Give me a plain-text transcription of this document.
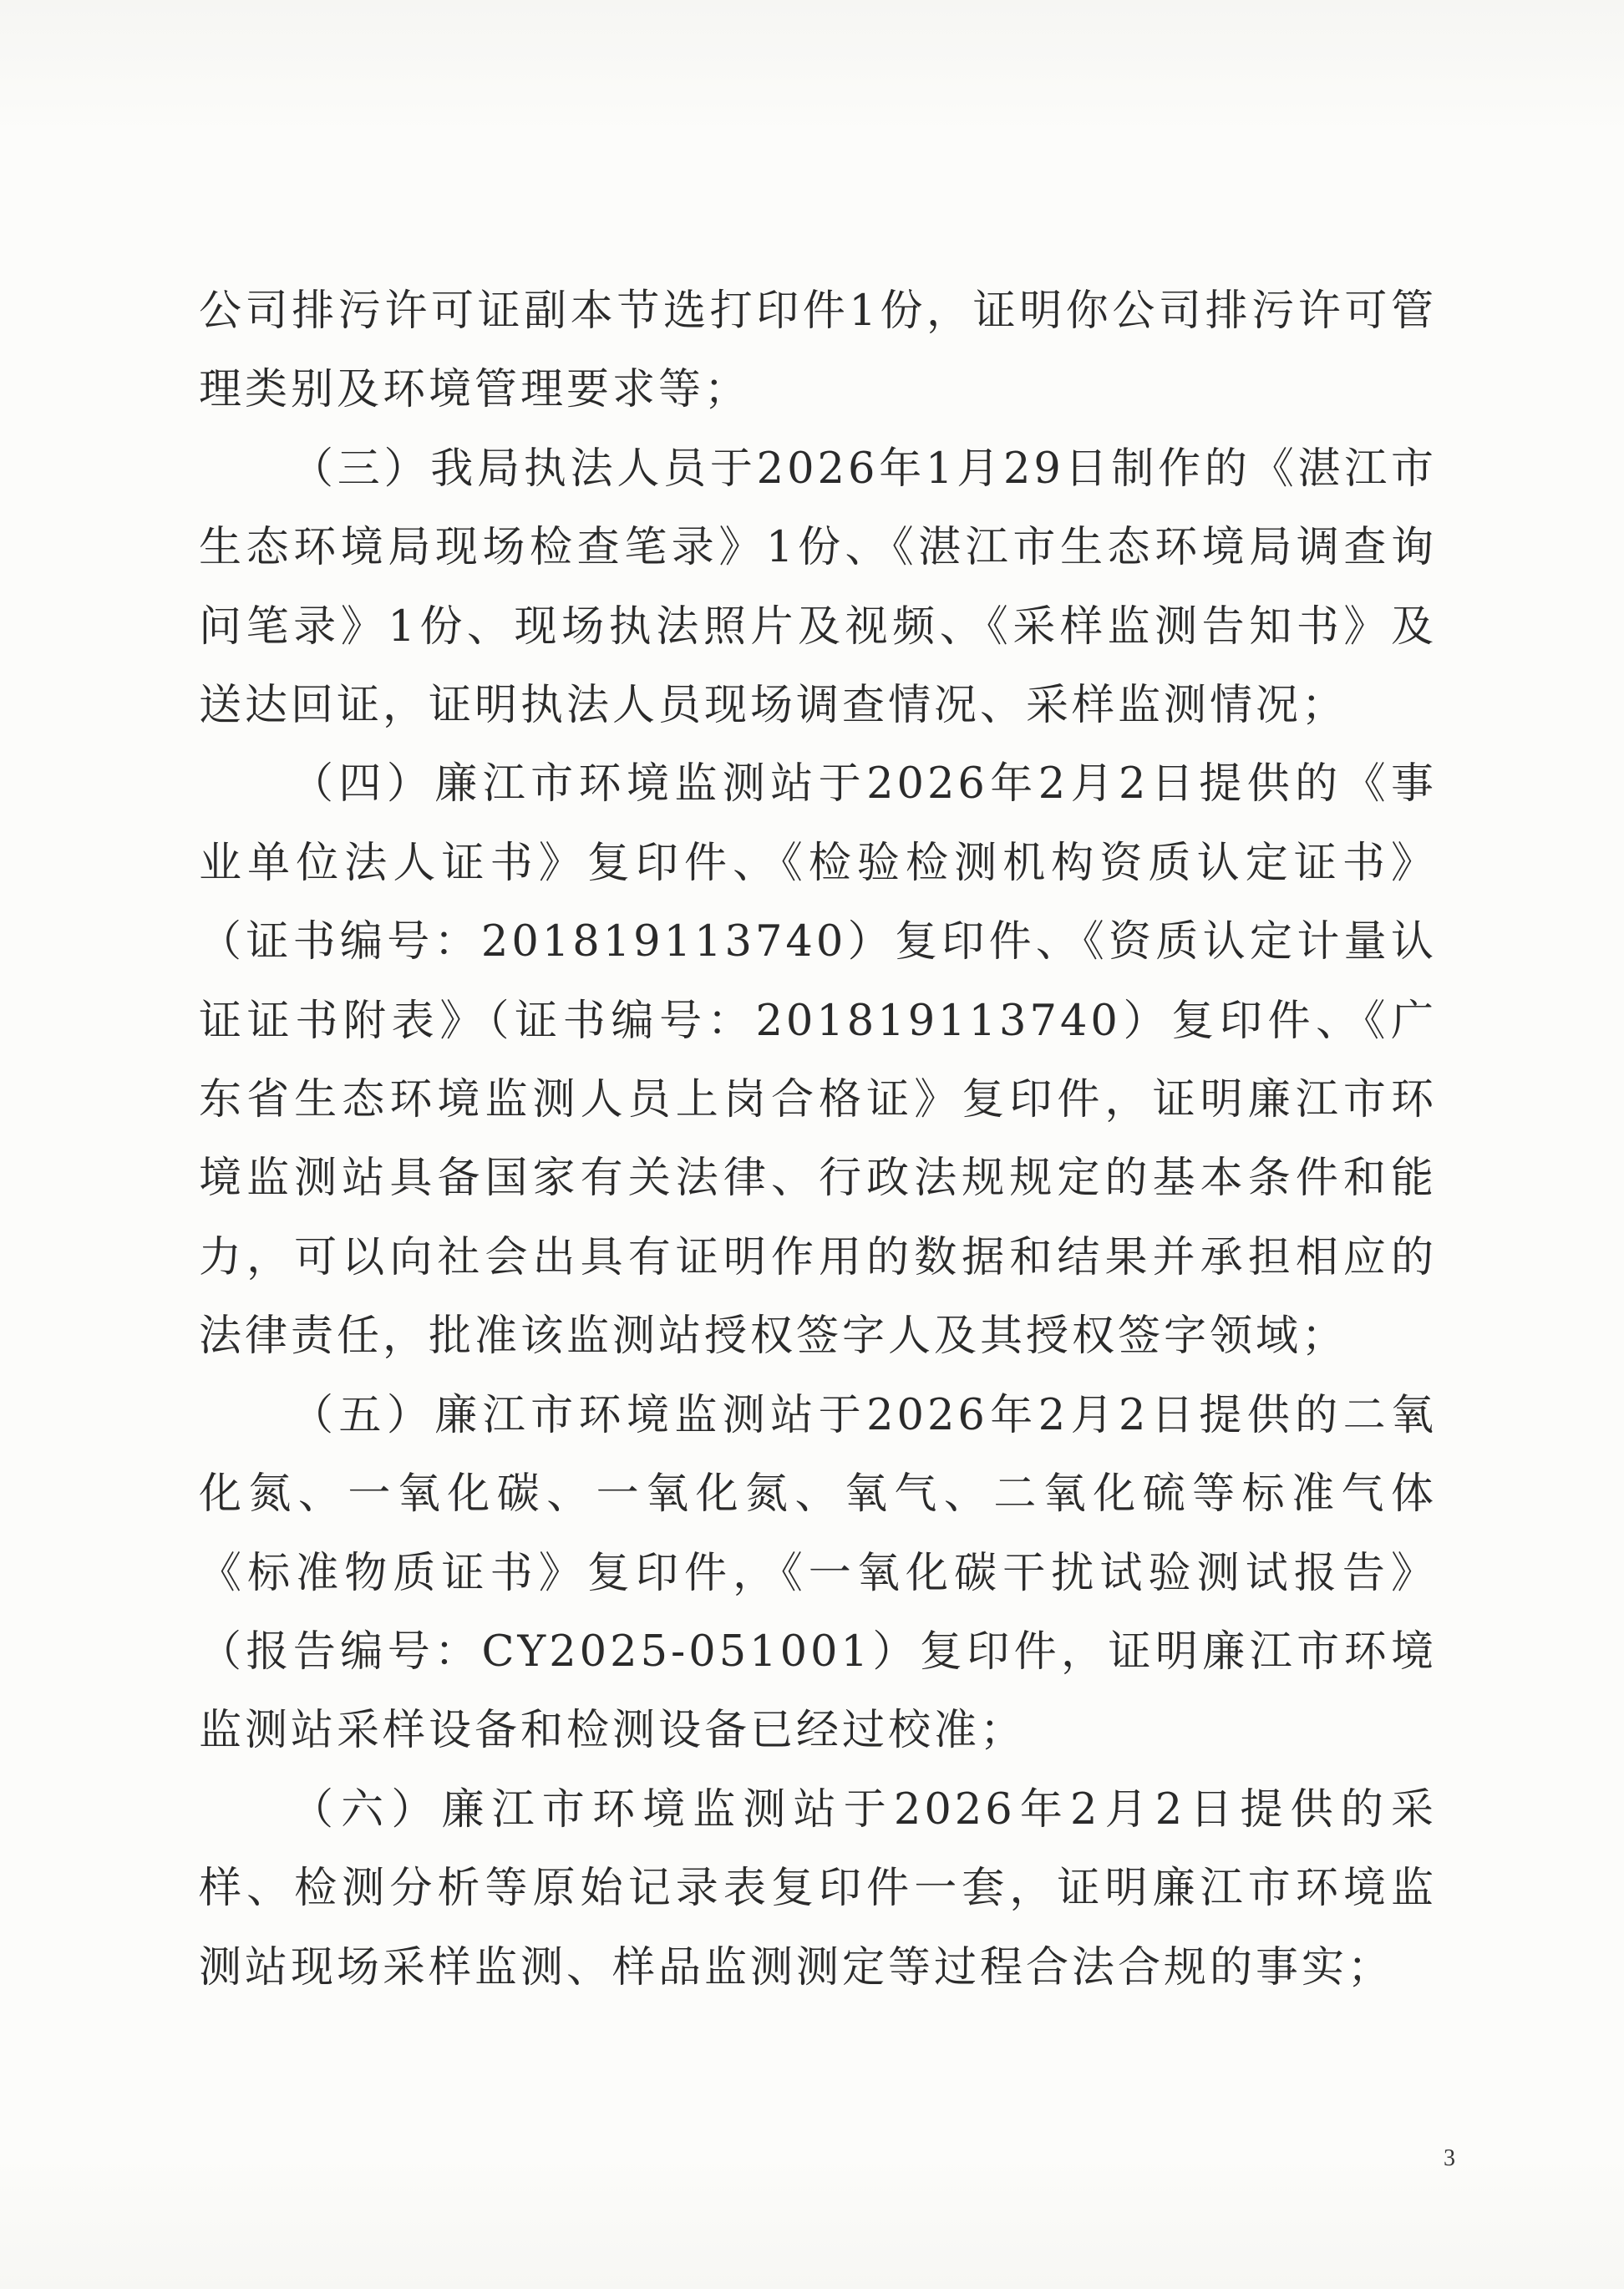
公司排污许可证副本节选打印件1份，证明你公司排污许可管理类别及环境管理要求等；

（三）我局执法人员于2026年1月29日制作的《湛江市生态环境局现场检查笔录》1份、《湛江市生态环境局调查询问笔录》1份、现场执法照片及视频、《采样监测告知书》及送达回证，证明执法人员现场调查情况、采样监测情况；

（四）廉江市环境监测站于2026年2月2日提供的《事业单位法人证书》复印件、《检验检测机构资质认定证书》（证书编号：201819113740）复印件、《资质认定计量认证证书附表》（证书编号：201819113740）复印件、《广东省生态环境监测人员上岗合格证》复印件，证明廉江市环境监测站具备国家有关法律、行政法规规定的基本条件和能力，可以向社会出具有证明作用的数据和结果并承担相应的法律责任，批准该监测站授权签字人及其授权签字领域；

（五）廉江市环境监测站于2026年2月2日提供的二氧化氮、一氧化碳、一氧化氮、氧气、二氧化硫等标准气体《标准物质证书》复印件，《一氧化碳干扰试验测试报告》（报告编号：CY2025-051001）复印件，证明廉江市环境监测站采样设备和检测设备已经过校准；

（六）廉江市环境监测站于2026年2月2日提供的采样、检测分析等原始记录表复印件一套，证明廉江市环境监测站现场采样监测、样品监测测定等过程合法合规的事实；

3
